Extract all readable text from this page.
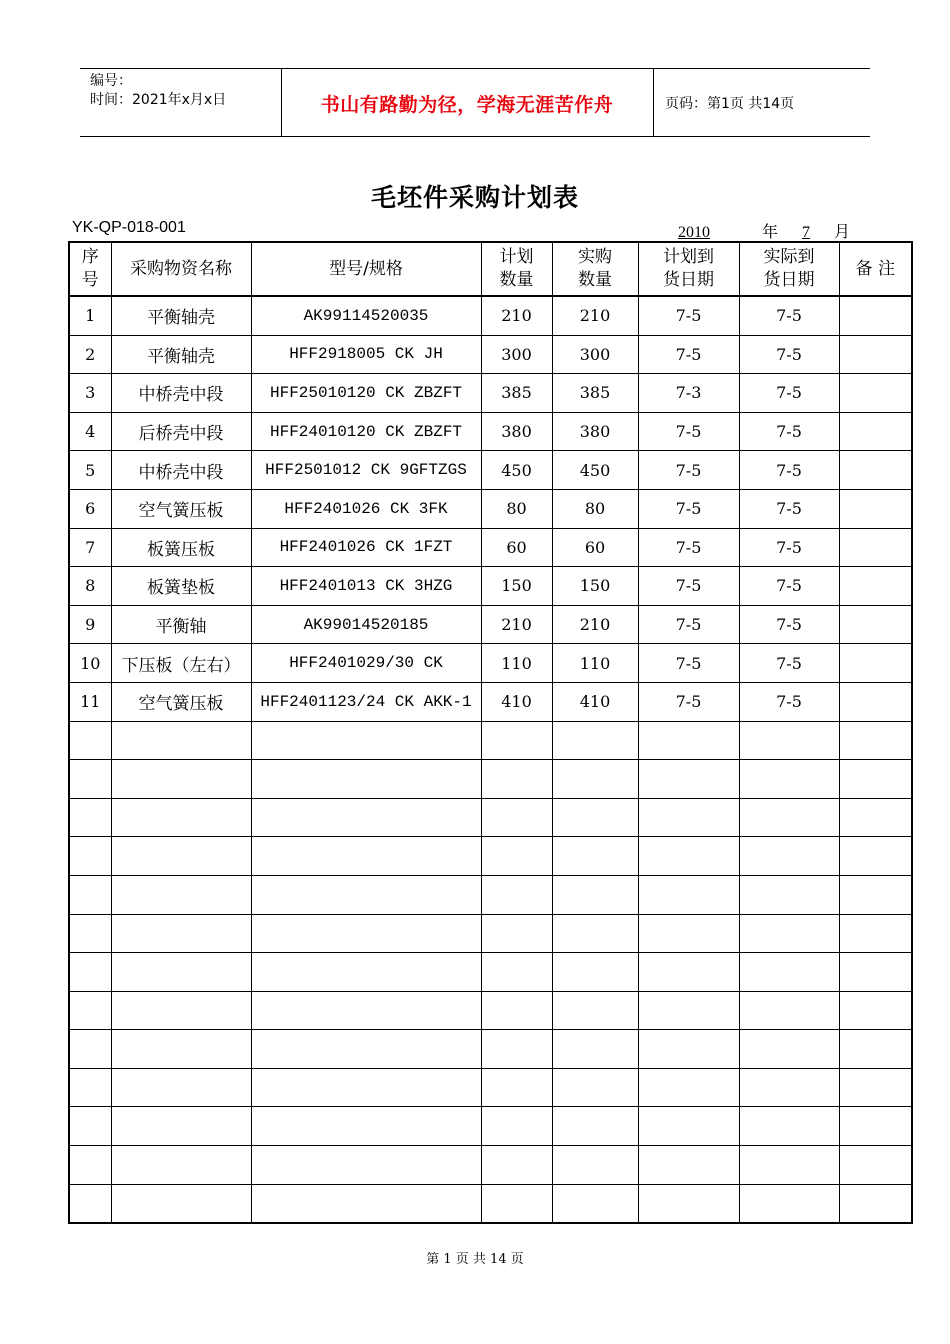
编号：
时间：2021年x月x日	书山有路勤为径，学海无涯苦作舟	页码：第1页 共14页
毛坯件采购计划表
YK-QP-018-001	2010	年 7 月
序号	采购物资名称	型号/规格	计划数量	实购数量	计划到货日期	实际到货日期	备 注
1	平衡轴壳	AK99114520035	210	210	7-5	7-5	
2	平衡轴壳	HFF2918005 CK JH	300	300	7-5	7-5	
3	中桥壳中段	HFF25010120 CK ZBZFT	385	385	7-3	7-5	
4	后桥壳中段	HFF24010120 CK ZBZFT	380	380	7-5	7-5	
5	中桥壳中段	HFF2501012 CK 9GFTZGS	450	450	7-5	7-5	
6	空气簧压板	HFF2401026 CK 3FK	80	80	7-5	7-5	
7	板簧压板	HFF2401026 CK 1FZT	60	60	7-5	7-5	
8	板簧垫板	HFF2401013 CK 3HZG	150	150	7-5	7-5	
9	平衡轴	AK99014520185	210	210	7-5	7-5	
10	下压板（左右）	HFF2401029/30 CK	110	110	7-5	7-5	
11	空气簧压板	HFF2401123/24 CK AKK-1	410	410	7-5	7-5	

第 1 页 共 14 页
